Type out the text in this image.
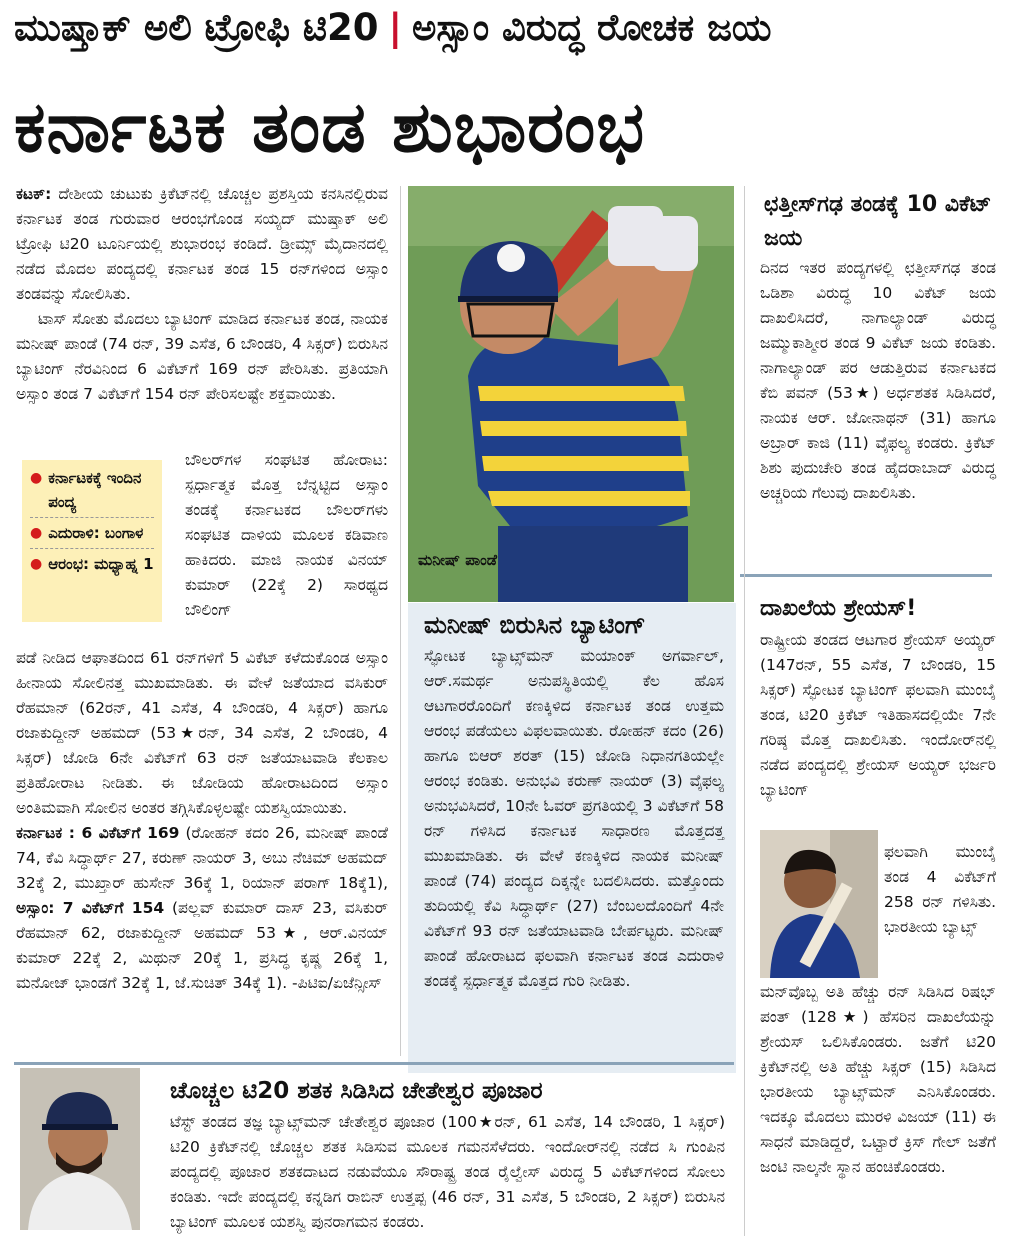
ಮುಷ್ತಾಕ್ ಅಲಿ ಟ್ರೋಫಿ ಟಿ20 | ಅಸ್ಸಾಂ ವಿರುದ್ಧ ರೋಚಕ ಜಯ
ಕರ್ನಾಟಕ ತಂಡ ಶುಭಾರಂಭ

ಕಟಕ್: ದೇಶೀಯ ಚುಟುಕು ಕ್ರಿಕೆಟ್‌ನಲ್ಲಿ ಚೊಚ್ಚಲ ಪ್ರಶಸ್ತಿಯ ಕನಸಿನಲ್ಲಿರುವ ಕರ್ನಾಟಕ ತಂಡ ಗುರುವಾರ ಆರಂಭಗೊಂಡ ಸಯ್ಯದ್ ಮುಷ್ತಾಕ್ ಅಲಿ ಟ್ರೋಫಿ ಟಿ20 ಟೂರ್ನಿಯಲ್ಲಿ ಶುಭಾರಂಭ ಕಂಡಿದೆ. ಡ್ರೀಮ್ಸ್ ಮೈದಾನದಲ್ಲಿ ನಡೆದ ಮೊದಲ ಪಂದ್ಯದಲ್ಲಿ ಕರ್ನಾಟಕ ತಂಡ 15 ರನ್‌ಗಳಿಂದ ಅಸ್ಸಾಂ ತಂಡವನ್ನು ಸೋಲಿಸಿತು.

ಟಾಸ್ ಸೋತು ಮೊದಲು ಬ್ಯಾಟಿಂಗ್ ಮಾಡಿದ ಕರ್ನಾಟಕ ತಂಡ, ನಾಯಕ ಮನೀಷ್ ಪಾಂಡೆ (74 ರನ್, 39 ಎಸೆತ, 6 ಬೌಂಡರಿ, 4 ಸಿಕ್ಸರ್) ಬಿರುಸಿನ ಬ್ಯಾಟಿಂಗ್ ನೆರವಿನಿಂದ 6 ವಿಕೆಟ್‌ಗೆ 169 ರನ್ ಪೇರಿಸಿತು. ಪ್ರತಿಯಾಗಿ ಅಸ್ಸಾಂ ತಂಡ 7 ವಿಕೆಟ್‌ಗೆ 154 ರನ್ ಪೇರಿಸಲಷ್ಟೇ ಶಕ್ತವಾಯಿತು.

● ಕರ್ನಾಟಕಕ್ಕೆ ಇಂದಿನ ಪಂದ್ಯ
● ಎದುರಾಳಿ: ಬಂಗಾಳ
● ಆರಂಭ: ಮಧ್ಯಾಹ್ನ 1
ಬೌಲರ್‌ಗಳ ಸಂಘಟಿತ ಹೋರಾಟ: ಸ್ಪರ್ಧಾತ್ಮಕ ಮೊತ್ತ ಬೆನ್ನಟ್ಟಿದ ಅಸ್ಸಾಂ ತಂಡಕ್ಕೆ ಕರ್ನಾಟಕದ ಬೌಲರ್‌ಗಳು ಸಂಘಟಿತ ದಾಳಿಯ ಮೂಲಕ ಕಡಿವಾಣ ಹಾಕಿದರು. ಮಾಜಿ ನಾಯಕ ವಿನಯ್ ಕುಮಾರ್ (22ಕ್ಕೆ 2) ಸಾರಥ್ಯದ ಬೌಲಿಂಗ್

ಪಡೆ ನೀಡಿದ ಆಘಾತದಿಂದ 61 ರನ್‌ಗಳಿಗೆ 5 ವಿಕೆಟ್ ಕಳೆದುಕೊಂಡ ಅಸ್ಸಾಂ ಹೀನಾಯ ಸೋಲಿನತ್ತ ಮುಖಮಾಡಿತು. ಈ ವೇಳೆ ಜತೆಯಾದ ವಸಿಕುರ್ ರೆಹಮಾನ್ (62ರನ್, 41 ಎಸೆತ, 4 ಬೌಂಡರಿ, 4 ಸಿಕ್ಸರ್) ಹಾಗೂ ರಜಾಕುದ್ದೀನ್ ಅಹಮದ್ (53★ರನ್, 34 ಎಸೆತ, 2 ಬೌಂಡರಿ, 4 ಸಿಕ್ಸರ್) ಜೋಡಿ 6ನೇ ವಿಕೆಟ್‌ಗೆ 63 ರನ್ ಜತೆಯಾಟವಾಡಿ ಕೆಲಕಾಲ ಪ್ರತಿಹೋರಾಟ ನೀಡಿತು. ಈ ಜೋಡಿಯ ಹೋರಾಟದಿಂದ ಅಸ್ಸಾಂ ಅಂತಿಮವಾಗಿ ಸೋಲಿನ ಅಂತರ ತಗ್ಗಿಸಿಕೊಳ್ಳಲಷ್ಟೇ ಯಶಸ್ವಿಯಾಯಿತು.

ಕರ್ನಾಟಕ : 6 ವಿಕೆಟ್‌ಗೆ 169 (ರೋಹನ್ ಕದಂ 26, ಮನೀಷ್ ಪಾಂಡೆ 74, ಕೆವಿ ಸಿದ್ಧಾರ್ಥ್ 27, ಕರುಣ್ ನಾಯರ್ 3, ಅಬು ನೆಚಿಮ್ ಅಹಮದ್ 32ಕ್ಕೆ 2, ಮುಖ್ತಾರ್ ಹುಸೇನ್ 36ಕ್ಕೆ 1, ರಿಯಾನ್ ಪರಾಗ್ 18ಕ್ಕೆ1), ಅಸ್ಸಾಂ: 7 ವಿಕೆಟ್‌ಗೆ 154 (ಪಲ್ಲವ್ ಕುಮಾರ್ ದಾಸ್ 23, ವಸಿಕುರ್ ರೆಹಮಾನ್ 62, ರಜಾಕುದ್ದೀನ್ ಅಹಮದ್ 53★, ಆರ್.ವಿನಯ್ ಕುಮಾರ್ 22ಕ್ಕೆ 2, ಮಿಥುನ್ 20ಕ್ಕೆ 1, ಪ್ರಸಿದ್ಧ ಕೃಷ್ಣ 26ಕ್ಕೆ 1, ಮನೋಜ್ ಭಾಂಡಗೆ 32ಕ್ಕೆ 1, ಜೆ.ಸುಚಿತ್ 34ಕ್ಕೆ 1). -ಪಿಟಿಐ/ಏಜೆನ್ಸೀಸ್

ಮನೀಷ್ ಪಾಂಡೆ
ಮನೀಷ್ ಬಿರುಸಿನ ಬ್ಯಾಟಿಂಗ್
ಸ್ಫೋಟಕ ಬ್ಯಾಟ್ಸ್‌ಮನ್ ಮಯಾಂಕ್ ಅಗರ್ವಾಲ್, ಆರ್.ಸಮರ್ಥ ಅನುಪಸ್ಥಿತಿಯಲ್ಲಿ ಕೆಲ ಹೊಸ ಆಟಗಾರರೊಂದಿಗೆ ಕಣಕ್ಕಿಳಿದ ಕರ್ನಾಟಕ ತಂಡ ಉತ್ತಮ ಆರಂಭ ಪಡೆಯಲು ವಿಫಲವಾಯಿತು. ರೋಹನ್ ಕದಂ (26) ಹಾಗೂ ಬಿಆರ್ ಶರತ್ (15) ಜೋಡಿ ನಿಧಾನಗತಿಯಲ್ಲೇ ಆರಂಭ ಕಂಡಿತು. ಅನುಭವಿ ಕರುಣ್ ನಾಯರ್ (3) ವೈಫಲ್ಯ ಅನುಭವಿಸಿದರೆ, 10ನೇ ಓವರ್ ಪ್ರಗತಿಯಲ್ಲಿ 3 ವಿಕೆಟ್‌ಗೆ 58 ರನ್ ಗಳಿಸಿದ ಕರ್ನಾಟಕ ಸಾಧಾರಣ ಮೊತ್ತದತ್ತ ಮುಖಮಾಡಿತು. ಈ ವೇಳೆ ಕಣಕ್ಕಿಳಿದ ನಾಯಕ ಮನೀಷ್ ಪಾಂಡೆ (74) ಪಂದ್ಯದ ದಿಕ್ಕನ್ನೇ ಬದಲಿಸಿದರು. ಮತ್ತೊಂದು ತುದಿಯಲ್ಲಿ ಕೆವಿ ಸಿದ್ಧಾರ್ಥ್ (27) ಬೆಂಬಲದೊಂದಿಗೆ 4ನೇ ವಿಕೆಟ್‌ಗೆ 93 ರನ್ ಜತೆಯಾಟವಾಡಿ ಬೇರ್ಪಟ್ಟರು. ಮನೀಷ್ ಪಾಂಡೆ ಹೋರಾಟದ ಫಲವಾಗಿ ಕರ್ನಾಟಕ ತಂಡ ಎದುರಾಳಿ ತಂಡಕ್ಕೆ ಸ್ಪರ್ಧಾತ್ಮಕ ಮೊತ್ತದ ಗುರಿ ನೀಡಿತು.
ಛತ್ತೀಸ್‌ಗಢ ತಂಡಕ್ಕೆ 10 ವಿಕೆಟ್ ಜಯ
ದಿನದ ಇತರ ಪಂದ್ಯಗಳಲ್ಲಿ ಛತ್ತೀಸ್‌ಗಢ ತಂಡ ಒಡಿಶಾ ವಿರುದ್ಧ 10 ವಿಕೆಟ್ ಜಯ ದಾಖಲಿಸಿದರೆ, ನಾಗಾಲ್ಯಾಂಡ್ ವಿರುದ್ಧ ಜಮ್ಮುಕಾಶ್ಮೀರ ತಂಡ 9 ವಿಕೆಟ್ ಜಯ ಕಂಡಿತು. ನಾಗಾಲ್ಯಾಂಡ್ ಪರ ಆಡುತ್ತಿರುವ ಕರ್ನಾಟಕದ ಕೆಬಿ ಪವನ್ (53★) ಅರ್ಧಶತಕ ಸಿಡಿಸಿದರೆ, ನಾಯಕ ಆರ್. ಜೋನಾಥನ್ (31) ಹಾಗೂ ಅಬ್ರಾರ್ ಕಾಜಿ (11) ವೈಫಲ್ಯ ಕಂಡರು. ಕ್ರಿಕೆಟ್ ಶಿಶು ಪುದುಚೇರಿ ತಂಡ ಹೈದರಾಬಾದ್ ವಿರುದ್ಧ ಅಚ್ಚರಿಯ ಗೆಲುವು ದಾಖಲಿಸಿತು.
ದಾಖಲೆಯ ಶ್ರೇಯಸ್!
ರಾಷ್ಟ್ರೀಯ ತಂಡದ ಆಟಗಾರ ಶ್ರೇಯಸ್ ಅಯ್ಯರ್ (147ರನ್, 55 ಎಸೆತ, 7 ಬೌಂಡರಿ, 15 ಸಿಕ್ಸರ್) ಸ್ಫೋಟಕ ಬ್ಯಾಟಿಂಗ್ ಫಲವಾಗಿ ಮುಂಬೈ ತಂಡ, ಟಿ20 ಕ್ರಿಕೆಟ್ ಇತಿಹಾಸದಲ್ಲಿಯೇ 7ನೇ ಗರಿಷ್ಠ ಮೊತ್ತ ದಾಖಲಿಸಿತು. ಇಂದೋರ್‌ನಲ್ಲಿ ನಡೆದ ಪಂದ್ಯದಲ್ಲಿ ಶ್ರೇಯಸ್ ಅಯ್ಯರ್ ಭರ್ಜರಿ ಬ್ಯಾಟಿಂಗ್
ಫಲವಾಗಿ ಮುಂಬೈ ತಂಡ 4 ವಿಕೆಟ್‌ಗೆ 258 ರನ್ ಗಳಿಸಿತು. ಭಾರತೀಯ ಬ್ಯಾಟ್ಸ್‌
ಮನ್‌ವೊಬ್ಬ ಅತಿ ಹೆಚ್ಚು ರನ್ ಸಿಡಿಸಿದ ರಿಷಭ್ ಪಂತ್ (128★) ಹೆಸರಿನ ದಾಖಲೆಯನ್ನು ಶ್ರೇಯಸ್ ಒಲಿಸಿಕೊಂಡರು. ಜತೆಗೆ ಟಿ20 ಕ್ರಿಕೆಟ್‌ನಲ್ಲಿ ಅತಿ ಹೆಚ್ಚು ಸಿಕ್ಸರ್ (15) ಸಿಡಿಸಿದ ಭಾರತೀಯ ಬ್ಯಾಟ್ಸ್‌ಮನ್ ಎನಿಸಿಕೊಂಡರು. ಇದಕ್ಕೂ ಮೊದಲು ಮುರಳಿ ವಿಜಯ್ (11) ಈ ಸಾಧನೆ ಮಾಡಿದ್ದರೆ, ಒಟ್ಟಾರೆ ಕ್ರಿಸ್ ಗೇಲ್ ಜತೆಗೆ ಜಂಟಿ ನಾಲ್ಕನೇ ಸ್ಥಾನ ಹಂಚಿಕೊಂಡರು.
ಚೊಚ್ಚಲ ಟಿ20 ಶತಕ ಸಿಡಿಸಿದ ಚೇತೇಶ್ವರ ಪೂಜಾರ
ಟೆಸ್ಟ್ ತಂಡದ ತಜ್ಞ ಬ್ಯಾಟ್ಸ್‌ಮನ್ ಚೇತೇಶ್ವರ ಪೂಜಾರ (100★ರನ್, 61 ಎಸೆತ, 14 ಬೌಂಡರಿ, 1 ಸಿಕ್ಸರ್) ಟಿ20 ಕ್ರಿಕೆಟ್‌ನಲ್ಲಿ ಚೊಚ್ಚಲ ಶತಕ ಸಿಡಿಸುವ ಮೂಲಕ ಗಮನಸೆಳೆದರು. ಇಂದೋರ್‌ನಲ್ಲಿ ನಡೆದ ಸಿ ಗುಂಪಿನ ಪಂದ್ಯದಲ್ಲಿ ಪೂಜಾರ ಶತಕದಾಟದ ನಡುವೆಯೂ ಸೌರಾಷ್ಟ್ರ ತಂಡ ರೈಲ್ವೇಸ್ ವಿರುದ್ಧ 5 ವಿಕೆಟ್‌ಗಳಿಂದ ಸೋಲು ಕಂಡಿತು. ಇದೇ ಪಂದ್ಯದಲ್ಲಿ ಕನ್ನಡಿಗ ರಾಬಿನ್ ಉತ್ತಪ್ಪ (46 ರನ್, 31 ಎಸೆತ, 5 ಬೌಂಡರಿ, 2 ಸಿಕ್ಸರ್) ಬಿರುಸಿನ ಬ್ಯಾಟಿಂಗ್ ಮೂಲಕ ಯಶಸ್ವಿ ಪುನರಾಗಮನ ಕಂಡರು.
